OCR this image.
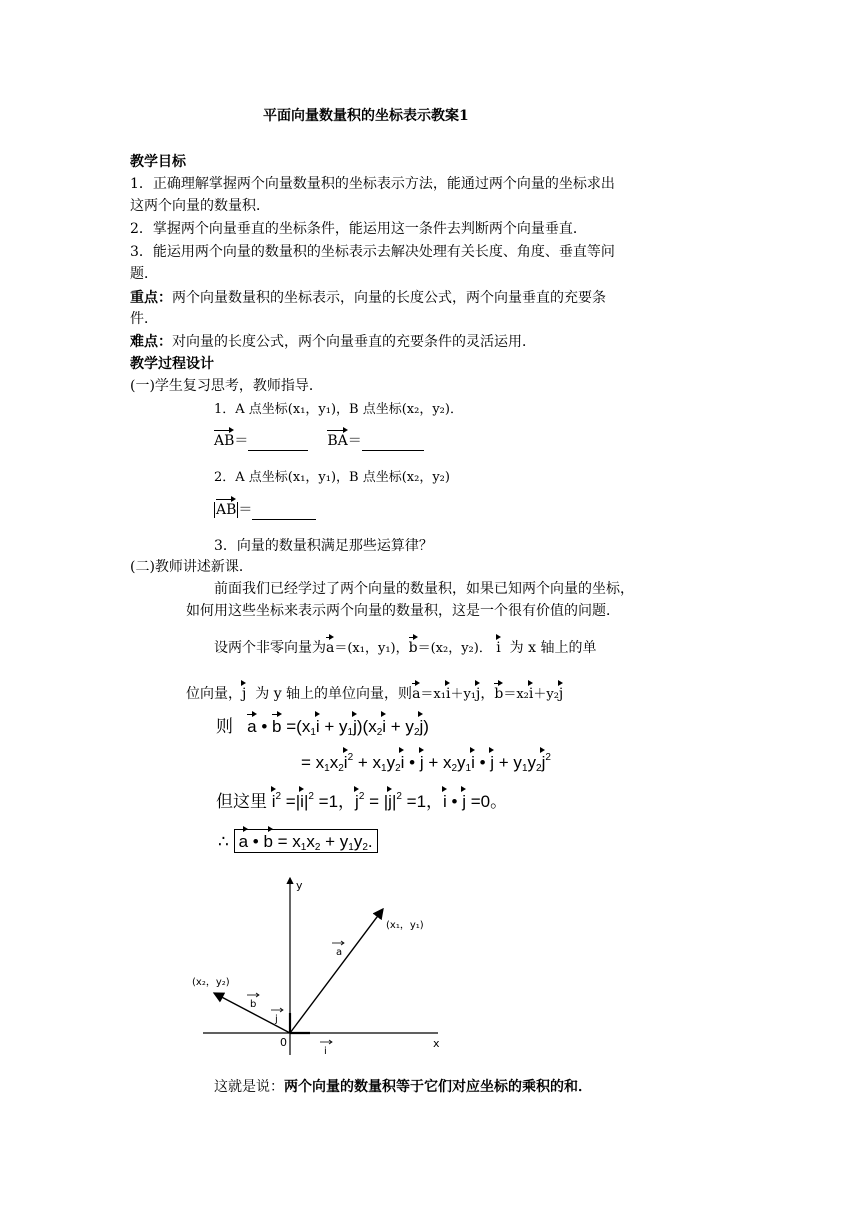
平面向量数量积的坐标表示教案1
教学目标
1．正确理解掌握两个向量数量积的坐标表示方法，能通过两个向量的坐标求出
这两个向量的数量积．
2．掌握两个向量垂直的坐标条件，能运用这一条件去判断两个向量垂直．
3．能运用两个向量的数量积的坐标表示去解决处理有关长度、角度、垂直等问
题．
重点：两个向量数量积的坐标表示，向量的长度公式，两个向量垂直的充要条
件．
难点：对向量的长度公式，两个向量垂直的充要条件的灵活运用．
教学过程设计
(一)学生复习思考，教师指导．
1．A 点坐标(x₁，y₁)，B 点坐标(x₂，y₂)．
AB＝	BA＝
2．A 点坐标(x₁，y₁)，B 点坐标(x₂，y₂)
AB ＝
3．向量的数量积满足那些运算律？
(二)教师讲述新课．
前面我们已经学过了两个向量的数量积，如果已知两个向量的坐标，
如何用这些坐标来表示两个向量的数量积，这是一个很有价值的问题．
设两个非零向量为
a＝(x₁，y₁)，
b＝(x₂，y₂)． i 为 x 轴上的单
位向量，
j 为 y 轴上的单位向量，则
a＝x₁
i＋y₁
j，
b＝x₂
i＋y₂
j
则 a •
$b =(x_1$
$i + y_1$
$j)(x_2$
$i + y_2$
j)
= $x_1x_2$
$i^2 + x_1y_2$
i •
$j + x_2y_1$
i •
$j + y_1y_2$
$j^2$
但这里 $i^2$ =|
$i|^2 =1$，
$j^2$ = |
$j|^2 =1$，
i •
j =0。
∴ a •
$b = x_1x_2 + y_1y_2$.
y
x
0
a
b
j
i
(x₁，y₁)
(x₂，y₂)
这就是说：两个向量的数量积等于它们对应坐标的乘积的和．
